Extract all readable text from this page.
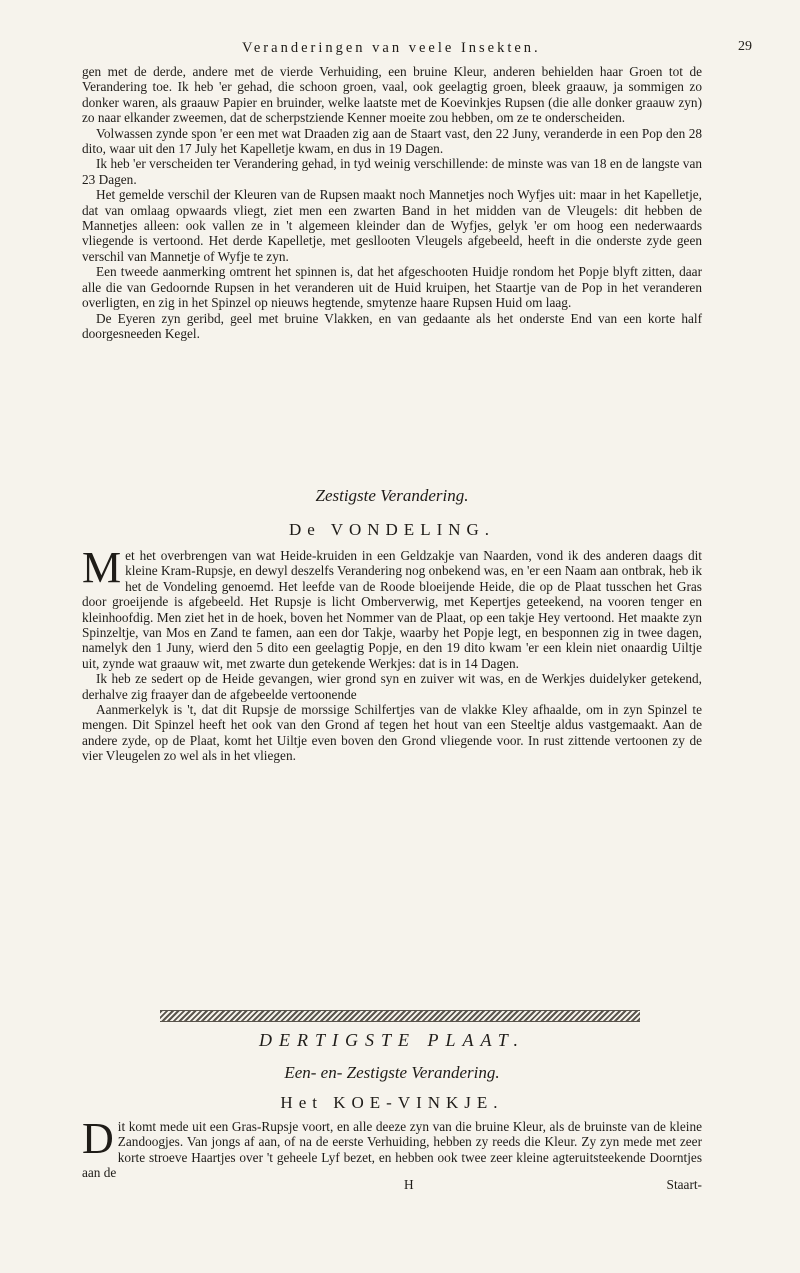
Veranderingen van veele Insekten.	29

gen met de derde, andere met de vierde Verhuiding, een bruine Kleur, anderen behielden haar Groen tot de Verandering toe. Ik heb 'er gehad, die schoon groen, vaal, ook geelagtig groen, bleek graauw, ja sommigen zo donker waren, als graauw Papier en bruinder, welke laatste met de Koevinkjes Rupsen (die alle donker graauw zyn) zo naar elkander zweemen, dat de scherpstziende Kenner moeite zou hebben, om ze te onderscheiden.

Volwassen zynde spon 'er een met wat Draaden zig aan de Staart vast, den 22 Juny, veranderde in een Pop den 28 dito, waar uit den 17 July het Kapelletje kwam, en dus in 19 Dagen.

Ik heb 'er verscheiden ter Verandering gehad, in tyd weinig verschillende: de minste was van 18 en de langste van 23 Dagen.

Het gemelde verschil der Kleuren van de Rupsen maakt noch Mannetjes noch Wyfjes uit: maar in het Kapelletje, dat van omlaag opwaards vliegt, ziet men een zwarten Band in het midden van de Vleugels: dit hebben de Mannetjes alleen: ook vallen ze in 't algemeen kleinder dan de Wyfjes, gelyk 'er om hoog een nederwaards vliegende is vertoond. Het derde Kapelletje, met gesllooten Vleugels afgebeeld, heeft in die onderste zyde geen verschil van Mannetje of Wyfje te zyn.

Een tweede aanmerking omtrent het spinnen is, dat het afgeschooten Huidje rondom het Popje blyft zitten, daar alle die van Gedoornde Rupsen in het veranderen uit de Huid kruipen, het Staartje van de Pop in het veranderen overligten, en zig in het Spinzel op nieuws hegtende, smytenze haare Rupsen Huid om laag.

De Eyeren zyn geribd, geel met bruine Vlakken, en van gedaante als het onderste End van een korte half doorgesneeden Kegel.

Zestigste Verandering.

De VONDELING.

Met het overbrengen van wat Heide-kruiden in een Geldzakje van Naarden, vond ik des anderen daags dit kleine Kram-Rupsje, en dewyl deszelfs Verandering nog onbekend was, en 'er een Naam aan ontbrak, heb ik het de Vondeling genoemd. Het leefde van de Roode bloeijende Heide, die op de Plaat tusschen het Gras door groeijende is afgebeeld. Het Rupsje is licht Omberverwig, met Kepertjes geteekend, na vooren tenger en kleinhoofdig. Men ziet het in de hoek, boven het Nommer van de Plaat, op een takje Hey vertoond. Het maakte zyn Spinzeltje, van Mos en Zand te famen, aan een dor Takje, waarby het Popje legt, en besponnen zig in twee dagen, namelyk den 1 Juny, wierd den 5 dito een geelagtig Popje, en den 19 dito kwam 'er een klein niet onaardig Uiltje uit, zynde wat graauw wit, met zwarte dun getekende Werkjes: dat is in 14 Dagen.

Ik heb ze sedert op de Heide gevangen, wier grond syn en zuiver wit was, en de Werkjes duidelyker getekend, derhalve zig fraayer dan de afgebeelde vertoonende

Aanmerkelyk is 't, dat dit Rupsje de morssige Schilfertjes van de vlakke Kley afhaalde, om in zyn Spinzel te mengen. Dit Spinzel heeft het ook van den Grond af tegen het hout van een Steeltje aldus vastgemaakt. Aan de andere zyde, op de Plaat, komt het Uiltje even boven den Grond vliegende voor. In rust zittende vertoonen zy de vier Vleugelen zo wel als in het vliegen.

DERTIGSTE PLAAT.

Een- en- Zestigste Verandering.

Het KOE-VINKJE.

Dit komt mede uit een Gras-Rupsje voort, en alle deeze zyn van die bruine Kleur, als de bruinste van de kleine Zandoogjes. Van jongs af aan, of na de eerste Verhuiding, hebben zy reeds die Kleur. Zy zyn mede met zeer korte stroeve Haartjes over 't geheele Lyf bezet, en hebben ook twee zeer kleine agteruitsteekende Doorntjes aan de

H	Staart-
